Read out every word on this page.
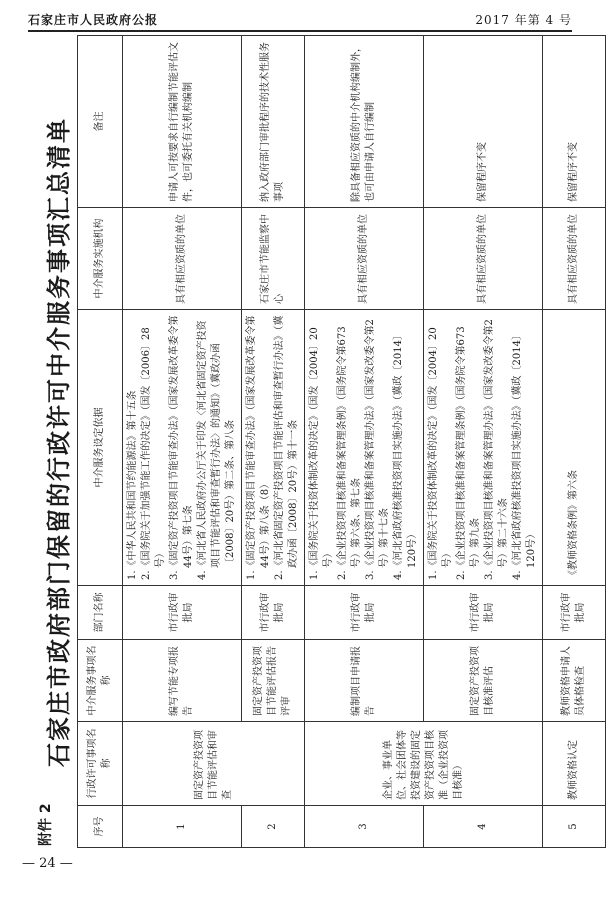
石家庄市人民政府公报	2017 年第 4 号
附件 2
石家庄市政府部门保留的行政许可中介服务事项汇总清单
序号	行政许可事项名称	中介服务事项名称	部门名称	中介服务设定依据	中介服务实施机构	备注
1	固定资产投资项目节能评估和审查	编写节能专项报告	市行政审批局	1.《中华人民共和国节约能源法》第十五条 2.《国务院关于加强节能工作的决定》（国发〔2006〕28号） 3.《固定资产投资项目节能审查办法》（国家发展改革委令第44号）第七条 4.《河北省人民政府办公厅关于印发〈河北省固定资产投资项目节能评估和审查暂行办法〉的通知》（冀政办函〔2008〕20号）第二条、第八条	具有相应资质的单位	申请人可按要求自行编制节能评估文件，也可委托有关机构编制
2		固定资产投资项目节能评估报告评审	市行政审批局	1.《固定资产投资项目节能审查办法》（国家发展改革委令第44号）第八条（8） 2.《河北省固定资产投资项目节能评估和审查暂行办法》（冀政办函〔2008〕20号）第十一条	石家庄市节能监察中心	纳入政府部门审批程序的技术性服务事项
3	企业、事业单位、社会团体等投资建设的固定资产投资项目核准（企业投资项目核准）	编制项目申请报告	市行政审批局	1.《国务院关于投资体制改革的决定》（国发〔2004〕20号） 2.《企业投资项目核准和备案管理条例》（国务院令第673号）第六条、第七条 3.《企业投资项目核准和备案管理办法》（国家发改委令第2号）第十七条 4.《河北省政府核准投资项目实施办法》（冀政〔2014〕120号）	具有相应资质的单位	除具备相应资质的中介机构编制外，也可由申请人自行编制
4		固定资产投资项目核准评估	市行政审批局	1.《国务院关于投资体制改革的决定》（国发〔2004〕20号） 2.《企业投资项目核准和备案管理条例》（国务院令第673号）第九条 3.《企业投资项目核准和备案管理办法》（国家发改委令第2号）第二十六条 4.《河北省政府核准投资项目实施办法》（冀政〔2014〕120号）	具有相应资质的单位	保留程序不变
5	教师资格认定	教师资格申请人员体格检查	市行政审批局	《教师资格条例》第六条	具有相应资质的单位	保留程序不变
— 24 —
